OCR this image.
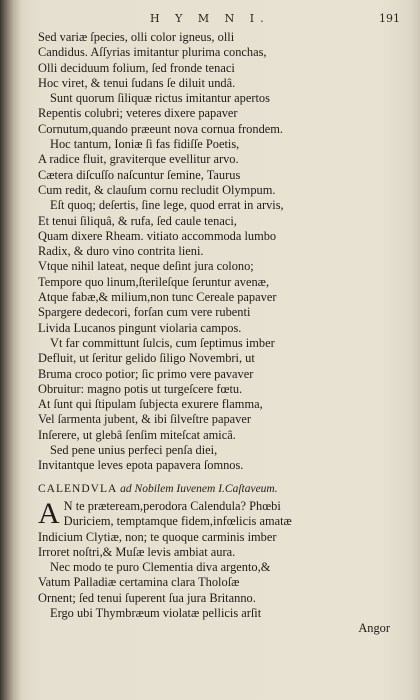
H Y M N I.	191
Sed variæ ſpecies, olli color igneus, olli
Candidus. Aſſyrias imitantur plurima conchas,
Olli deciduum folium, ſed fronde tenaci
Hoc viret, & tenui ſudans ſe diluit undâ.
Sunt quorum ſiliquæ rictus imitantur apertos
Repentis colubri; veteres dixere papaver
Cornutum,quando præeunt nova cornua frondem.
Hoc tantum, Ioniæ ſi fas fidiſſe Poetis,
A radice fluit, graviterque evellitur arvo.
Cætera diſcuſſo naſcuntur ſemine, Taurus
Cum redit, & clauſum cornu recludit Olympum.
Eſt quoq; deſertis, ſine lege, quod errat in arvis,
Et tenui ſiliquâ, & rufa, ſed caule tenaci,
Quam dixere Rheam. vitiato accommoda lumbo
Radix, & duro vino contrita lieni.
Vtque nihil lateat, neque deſint jura colono;
Tempore quo linum,ſterileſque ſeruntur avenæ,
Atque fabæ,& milium,non tunc Cereale papaver
Spargere dedecori, forſan cum vere rubenti
Livida Lucanos pingunt violaria campos.
Vt far committunt ſulcis, cum ſeptimus imber
Defluit, ut ſeritur gelido ſiligo Novembri, ut
Bruma croco potior; ſic primo vere pavaver
Obruitur: magno potis ut turgeſcere fœtu.
At ſunt qui ſtipulam ſubjecta exurere flamma,
Vel ſarmenta jubent, & ibi ſilveſtre papaver
Inſerere, ut glebâ ſenſim miteſcat amicâ.
Sed pene unius perfeci penſa diei,
Invitantque leves epota papavera ſomnos.
CALENDVLA ad Nobilem Iuvenem I.Caſtaveum.
A N te præteream,perodora Calendula? Phœbi
Duriciem, temptamque fidem,infœlicis amatæ
Indicium Clytiæ, non; te quoque carminis imber
Irroret noſtri,& Muſæ levis ambiat aura.
Nec modo te puro Clementia diva argento,&
Vatum Palladiæ certamina clara Tholoſæ
Ornent; ſed tenui ſuperent ſua jura Britanno.
Ergo ubi Thymbræum violatæ pellicis arſit
Angor
